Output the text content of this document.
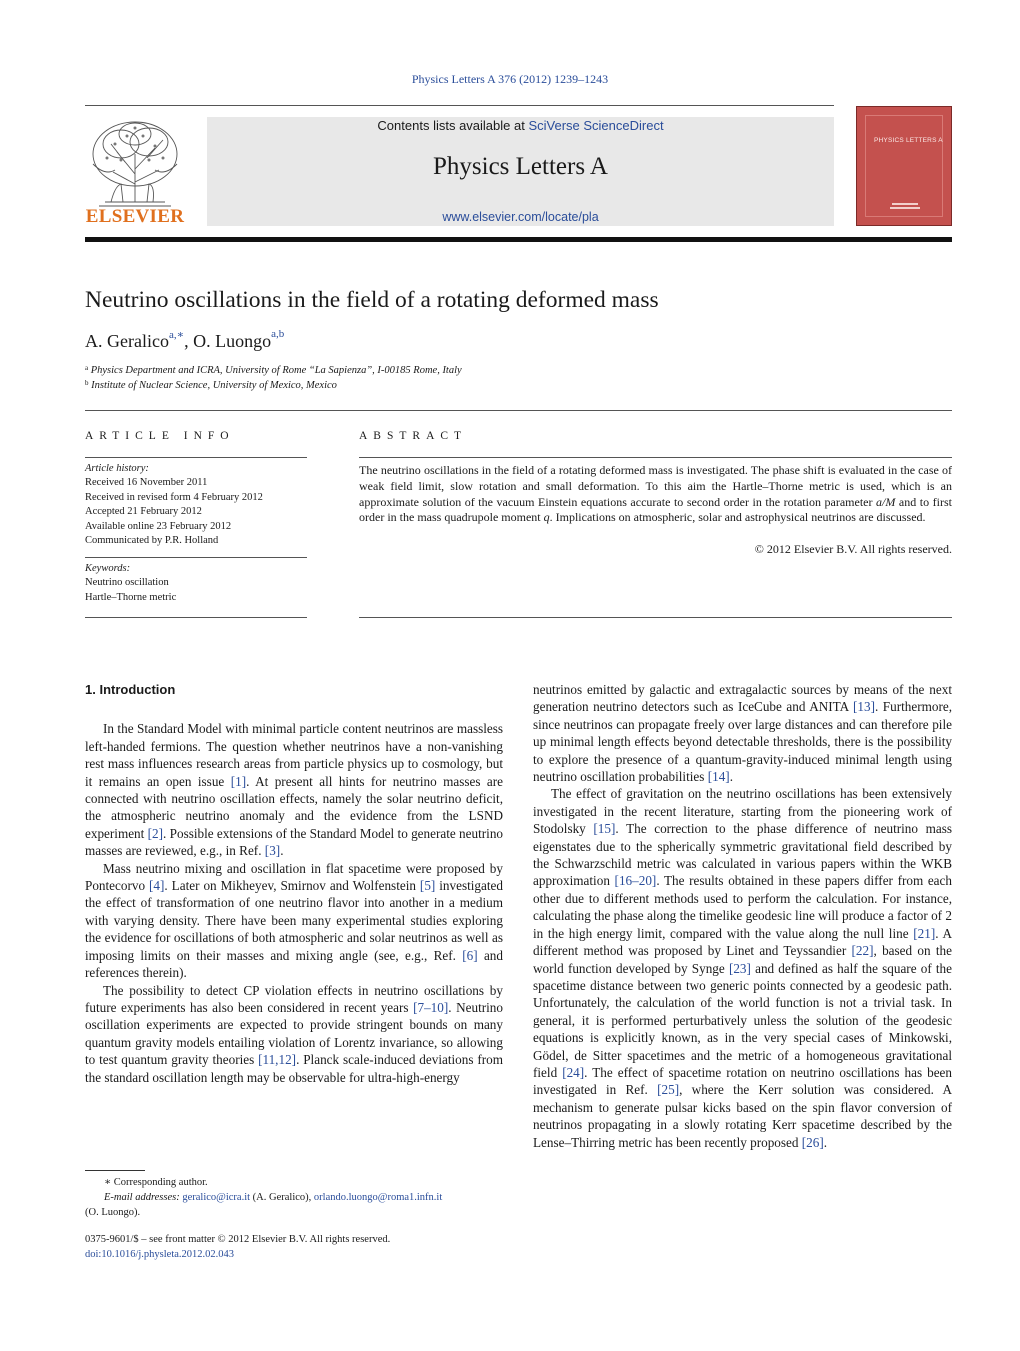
Physics Letters A 376 (2012) 1239–1243
ELSEVIER
Contents lists available at SciVerse ScienceDirect
Physics Letters A
www.elsevier.com/locate/pla
PHYSICS LETTERS A
Neutrino oscillations in the field of a rotating deformed mass
A. Geralico$^{a,∗}$, O. Luongo$^{a,b}$
$^a$ Physics Department and ICRA, University of Rome “La Sapienza”, I-00185 Rome, Italy
$^b$ Institute of Nuclear Science, University of Mexico, Mexico
ARTICLE INFO	ABSTRACT
Article history:
Received 16 November 2011
Received in revised form 4 February 2012
Accepted 21 February 2012
Available online 23 February 2012
Communicated by P.R. Holland
Keywords:
Neutrino oscillation
Hartle–Thorne metric
The neutrino oscillations in the field of a rotating deformed mass is investigated. The phase shift is evaluated in the case of weak field limit, slow rotation and small deformation. To this aim the Hartle–Thorne metric is used, which is an approximate solution of the vacuum Einstein equations accurate to second order in the rotation parameter a/M and to first order in the mass quadrupole moment q. Implications on atmospheric, solar and astrophysical neutrinos are discussed.
© 2012 Elsevier B.V. All rights reserved.
1. Introduction

In the Standard Model with minimal particle content neutrinos are massless left-handed fermions. The question whether neutrinos have a non-vanishing rest mass influences research areas from particle physics up to cosmology, but it remains an open issue [1]. At present all hints for neutrino masses are connected with neutrino oscillation effects, namely the solar neutrino deficit, the atmospheric neutrino anomaly and the evidence from the LSND experiment [2]. Possible extensions of the Standard Model to generate neutrino masses are reviewed, e.g., in Ref. [3].

Mass neutrino mixing and oscillation in flat spacetime were proposed by Pontecorvo [4]. Later on Mikheyev, Smirnov and Wolfenstein [5] investigated the effect of transformation of one neutrino flavor into another in a medium with varying density. There have been many experimental studies exploring the evidence for oscillations of both atmospheric and solar neutrinos as well as imposing limits on their masses and mixing angle (see, e.g., Ref. [6] and references therein).

The possibility to detect CP violation effects in neutrino oscillations by future experiments has also been considered in recent years [7–10]. Neutrino oscillation experiments are expected to provide stringent bounds on many quantum gravity models entailing violation of Lorentz invariance, so allowing to test quantum gravity theories [11,12]. Planck scale-induced deviations from the standard oscillation length may be observable for ultra-high-energy

neutrinos emitted by galactic and extragalactic sources by means of the next generation neutrino detectors such as IceCube and ANITA [13]. Furthermore, since neutrinos can propagate freely over large distances and can therefore pile up minimal length effects beyond detectable thresholds, there is the possibility to explore the presence of a quantum-gravity-induced minimal length using neutrino oscillation probabilities [14].

The effect of gravitation on the neutrino oscillations has been extensively investigated in the recent literature, starting from the pioneering work of Stodolsky [15]. The correction to the phase difference of neutrino mass eigenstates due to the spherically symmetric gravitational field described by the Schwarzschild metric was calculated in various papers within the WKB approximation [16–20]. The results obtained in these papers differ from each other due to different methods used to perform the calculation. For instance, calculating the phase along the timelike geodesic line will produce a factor of 2 in the high energy limit, compared with the value along the null line [21]. A different method was proposed by Linet and Teyssandier [22], based on the world function developed by Synge [23] and defined as half the square of the spacetime distance between two generic points connected by a geodesic path. Unfortunately, the calculation of the world function is not a trivial task. In general, it is performed perturbatively unless the solution of the geodesic equations is explicitly known, as in the very special cases of Minkowski, Gödel, de Sitter spacetimes and the metric of a homogeneous gravitational field [24]. The effect of spacetime rotation on neutrino oscillations has been investigated in Ref. [25], where the Kerr solution was considered. A mechanism to generate pulsar kicks based on the spin flavor conversion of neutrinos propagating in a slowly rotating Kerr spacetime described by the Lense–Thirring metric has been recently proposed [26].

∗ Corresponding author.
E-mail addresses: geralico@icra.it (A. Geralico), orlando.luongo@roma1.infn.it
(O. Luongo).
0375-9601/$ – see front matter © 2012 Elsevier B.V. All rights reserved.
doi:10.1016/j.physleta.2012.02.043
